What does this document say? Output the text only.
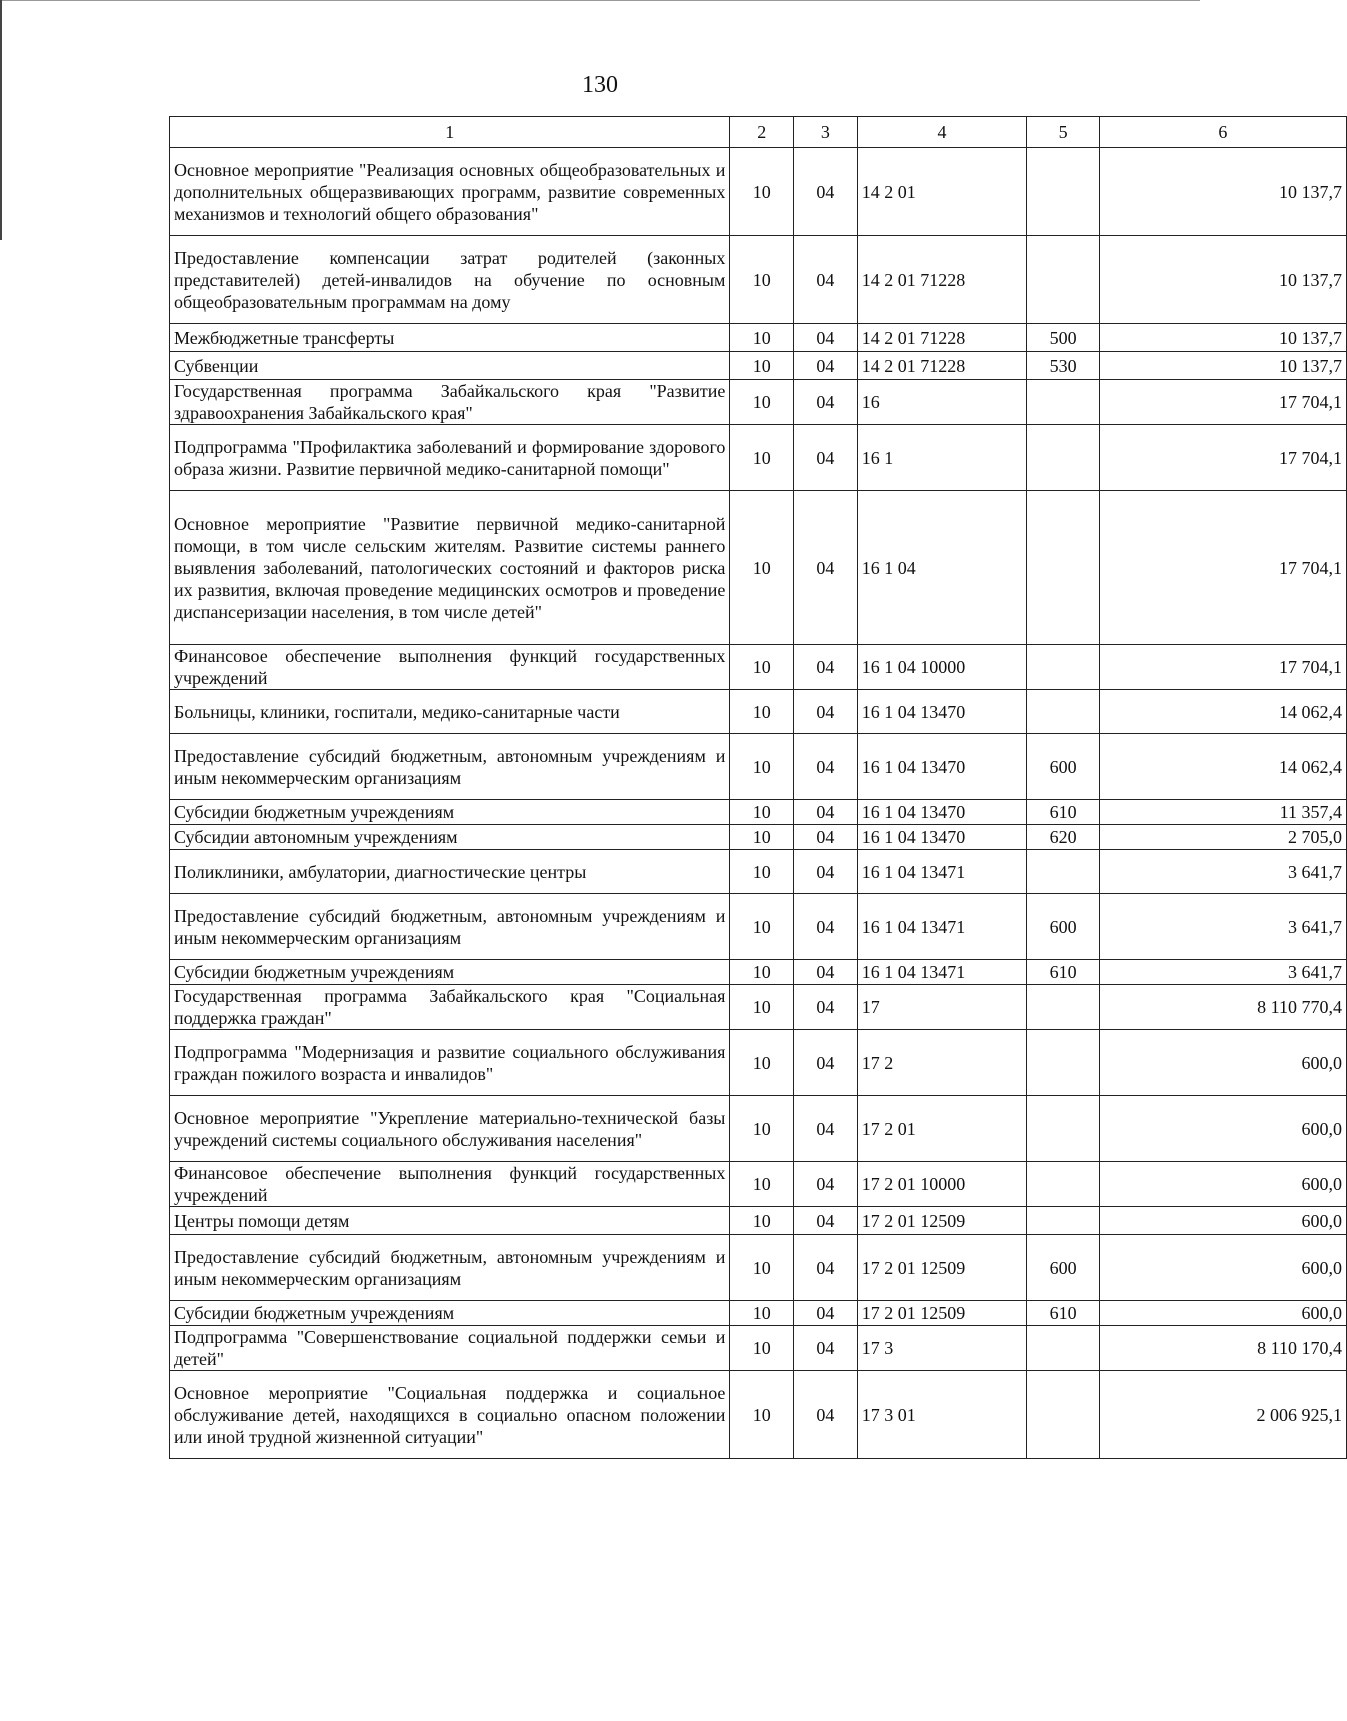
130
1	2	3	4	5	6
Основное мероприятие "Реализация основных общеобразовательных и дополнительных общеразвивающих программ, развитие современных механизмов и технологий общего образования"	10	04	14 2 01		10 137,7
Предоставление компенсации затрат родителей (законных представителей) детей-инвалидов на обучение по основным общеобразовательным программам на дому	10	04	14 2 01 71228		10 137,7
Межбюджетные трансферты	10	04	14 2 01 71228	500	10 137,7
Субвенции	10	04	14 2 01 71228	530	10 137,7
Государственная программа Забайкальского края "Развитие здравоохранения Забайкальского края"	10	04	16		17 704,1
Подпрограмма "Профилактика заболеваний и формирование здорового образа жизни. Развитие первичной медико-санитарной помощи"	10	04	16 1		17 704,1
Основное мероприятие "Развитие первичной медико-санитарной помощи, в том числе сельским жителям. Развитие системы раннего выявления заболеваний, патологических состояний и факторов риска их развития, включая проведение медицинских осмотров и проведение диспансеризации населения, в том числе детей"	10	04	16 1 04		17 704,1
Финансовое обеспечение выполнения функций государственных учреждений	10	04	16 1 04 10000		17 704,1
Больницы, клиники, госпитали, медико-санитарные части	10	04	16 1 04 13470		14 062,4
Предоставление субсидий бюджетным, автономным учреждениям и иным некоммерческим организациям	10	04	16 1 04 13470	600	14 062,4
Субсидии бюджетным учреждениям	10	04	16 1 04 13470	610	11 357,4
Субсидии автономным учреждениям	10	04	16 1 04 13470	620	2 705,0
Поликлиники, амбулатории, диагностические центры	10	04	16 1 04 13471		3 641,7
Предоставление субсидий бюджетным, автономным учреждениям и иным некоммерческим организациям	10	04	16 1 04 13471	600	3 641,7
Субсидии бюджетным учреждениям	10	04	16 1 04 13471	610	3 641,7
Государственная программа Забайкальского края "Социальная поддержка граждан"	10	04	17		8 110 770,4
Подпрограмма "Модернизация и развитие социального обслуживания граждан пожилого возраста и инвалидов"	10	04	17 2		600,0
Основное мероприятие "Укрепление материально-технической базы учреждений системы социального обслуживания населения"	10	04	17 2 01		600,0
Финансовое обеспечение выполнения функций государственных учреждений	10	04	17 2 01 10000		600,0
Центры помощи детям	10	04	17 2 01 12509		600,0
Предоставление субсидий бюджетным, автономным учреждениям и иным некоммерческим организациям	10	04	17 2 01 12509	600	600,0
Субсидии бюджетным учреждениям	10	04	17 2 01 12509	610	600,0
Подпрограмма "Совершенствование социальной поддержки семьи и детей"	10	04	17 3		8 110 170,4
Основное мероприятие "Социальная поддержка и социальное обслуживание детей, находящихся в социально опасном положении или иной трудной жизненной ситуации"	10	04	17 3 01		2 006 925,1
